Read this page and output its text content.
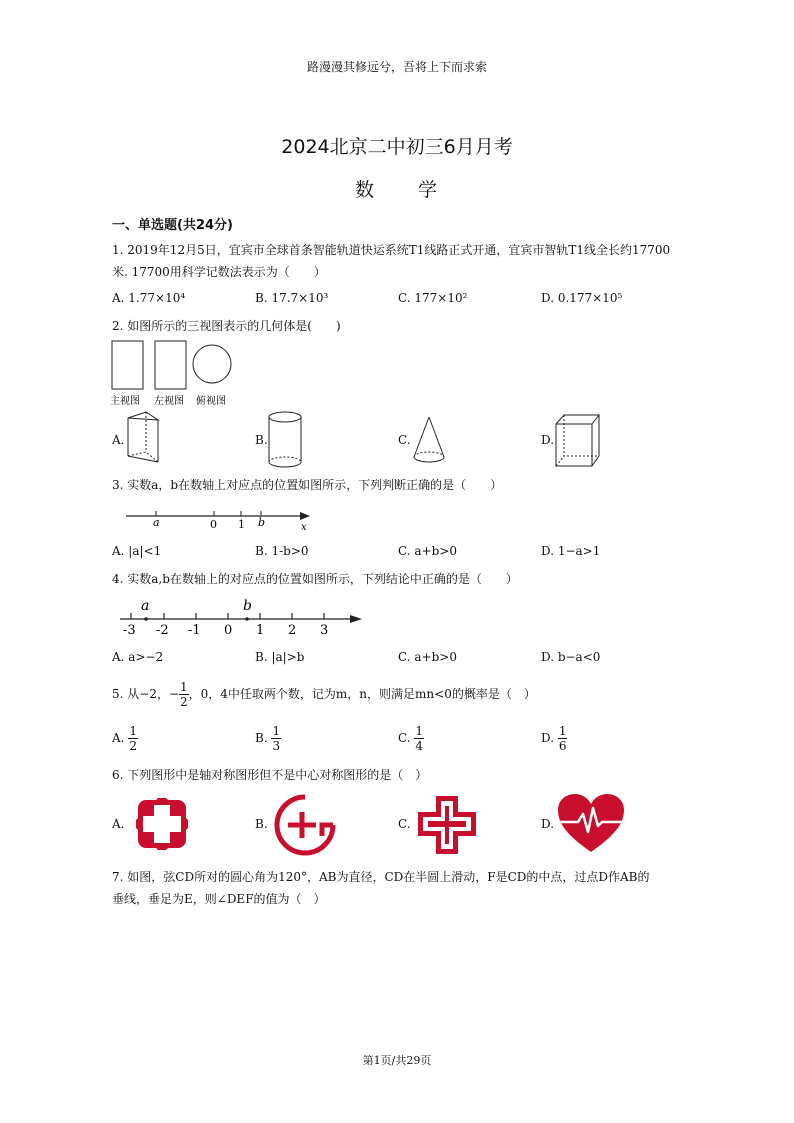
路漫漫其修远兮，吾将上下而求索
2024北京二中初三6月月考
数　　学
一、单选题(共24分)
1. 2019年12月5日，宜宾市全球首条智能轨道快运系统T1线路正式开通，宜宾市智轨T1线全长约17700
米. 17700用科学记数法表示为（　　）
A. 1.77×10⁴	B. 17.7×10³	C. 177×10²	D. 0.177×10⁵
2. 如图所示的三视图表示的几何体是(　　)
主视图 左视图 俯视图
A.	B.	C.	D.
3. 实数a，b在数轴上对应点的位置如图所示，下列判断正确的是（　　）
a	0 1 b	x
A. |a|<1	B. 1-b>0	C. a+b>0	D. 1−a>1
4. 实数a,b在数轴上的对应点的位置如图所示，下列结论中正确的是（　　）
a	b
-3 -2 -1 0 1 2 3
A. a>−2	B. |a|>b	C. a+b>0	D. b−a<0
5. 从−2，− $\frac{1}{2}$ ，0，4中任取两个数，记为m，n，则满足mn<0的概率是（　）
A. $\frac{1}{2}$	B. $\frac{1}{3}$	C. $\frac{1}{4}$	D. $\frac{1}{6}$
6. 下列图形中是轴对称图形但不是中心对称图形的是（　）
A.	B.	C.	D.
7. 如图，弦CD所对的圆心角为120°，AB为直径，CD在半圆上滑动，F是CD的中点，过点D作AB的
垂线，垂足为E，则∠DEF的值为（　）
第1页/共29页
